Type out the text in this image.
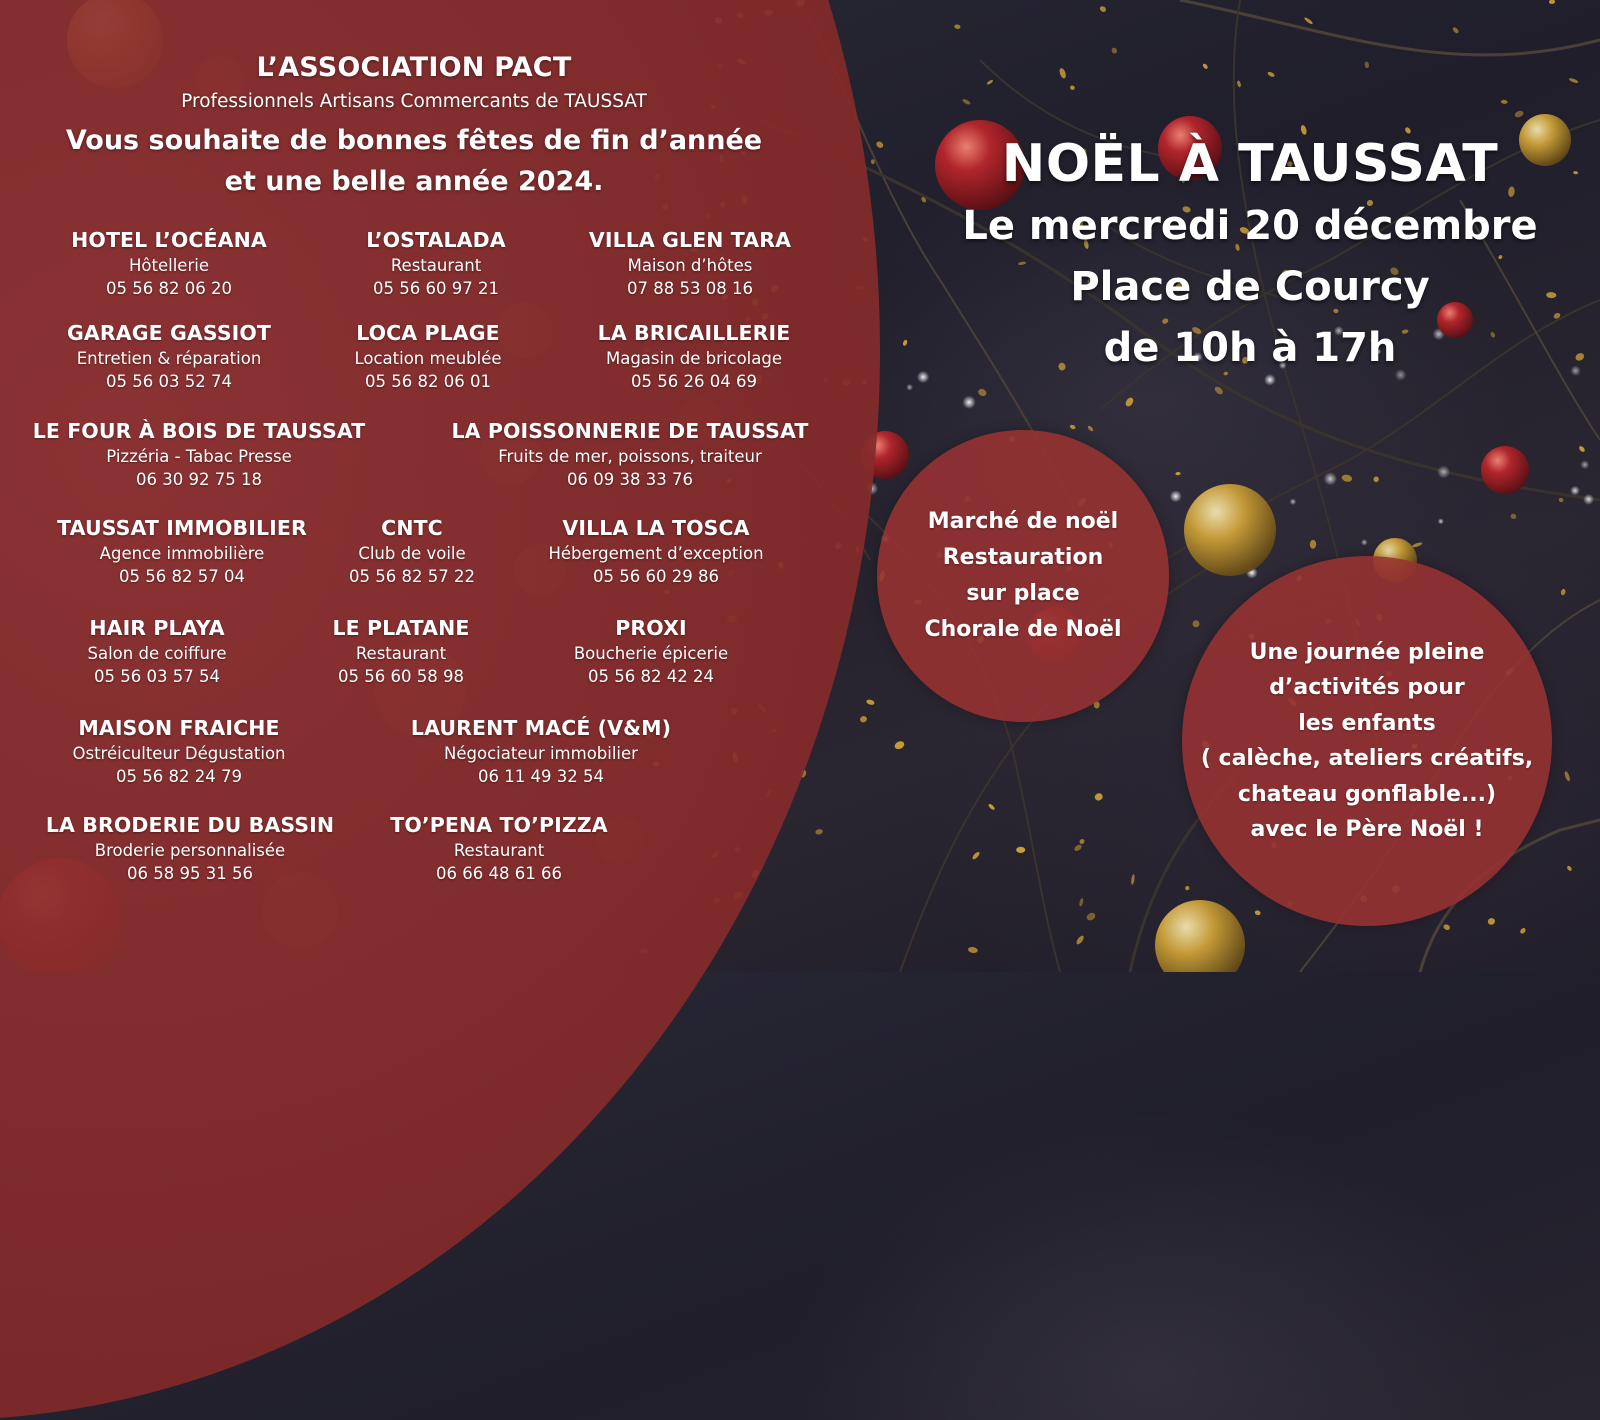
L’ASSOCIATION PACT
Professionnels Artisans Commercants de TAUSSAT
Vous souhaite de bonnes fêtes de fin d’année
et une belle année 2024.
HOTEL L’OCÉANA
Hôtellerie
05 56 82 06 20
L’OSTALADA
Restaurant
05 56 60 97 21
VILLA GLEN TARA
Maison d’hôtes
07 88 53 08 16
GARAGE GASSIOT
Entretien & réparation
05 56 03 52 74
LOCA PLAGE
Location meublée
05 56 82 06 01
LA BRICAILLERIE
Magasin de bricolage
05 56 26 04 69
LE FOUR À BOIS DE TAUSSAT
Pizzéria - Tabac Presse
06 30 92 75 18
LA POISSONNERIE DE TAUSSAT
Fruits de mer, poissons, traiteur
06 09 38 33 76
TAUSSAT IMMOBILIER
Agence immobilière
05 56 82 57 04
CNTC
Club de voile
05 56 82 57 22
VILLA LA TOSCA
Hébergement d’exception
05 56 60 29 86
HAIR PLAYA
Salon de coiffure
05 56 03 57 54
LE PLATANE
Restaurant
05 56 60 58 98
PROXI
Boucherie épicerie
05 56 82 42 24
MAISON FRAICHE
Ostréiculteur Dégustation
05 56 82 24 79
LAURENT MACÉ (V&M)
Négociateur immobilier
06 11 49 32 54
LA BRODERIE DU BASSIN
Broderie personnalisée
06 58 95 31 56
TO’PENA TO’PIZZA
Restaurant
06 66 48 61 66
NOËL À TAUSSAT
Le mercredi 20 décembre
Place de Courcy
de 10h à 17h
Marché de noël
Restauration
sur place
Chorale de Noël
Une journée pleine
d’activités pour
les enfants
( calèche, ateliers créatifs,
chateau gonflable...)
avec le Père Noël !
